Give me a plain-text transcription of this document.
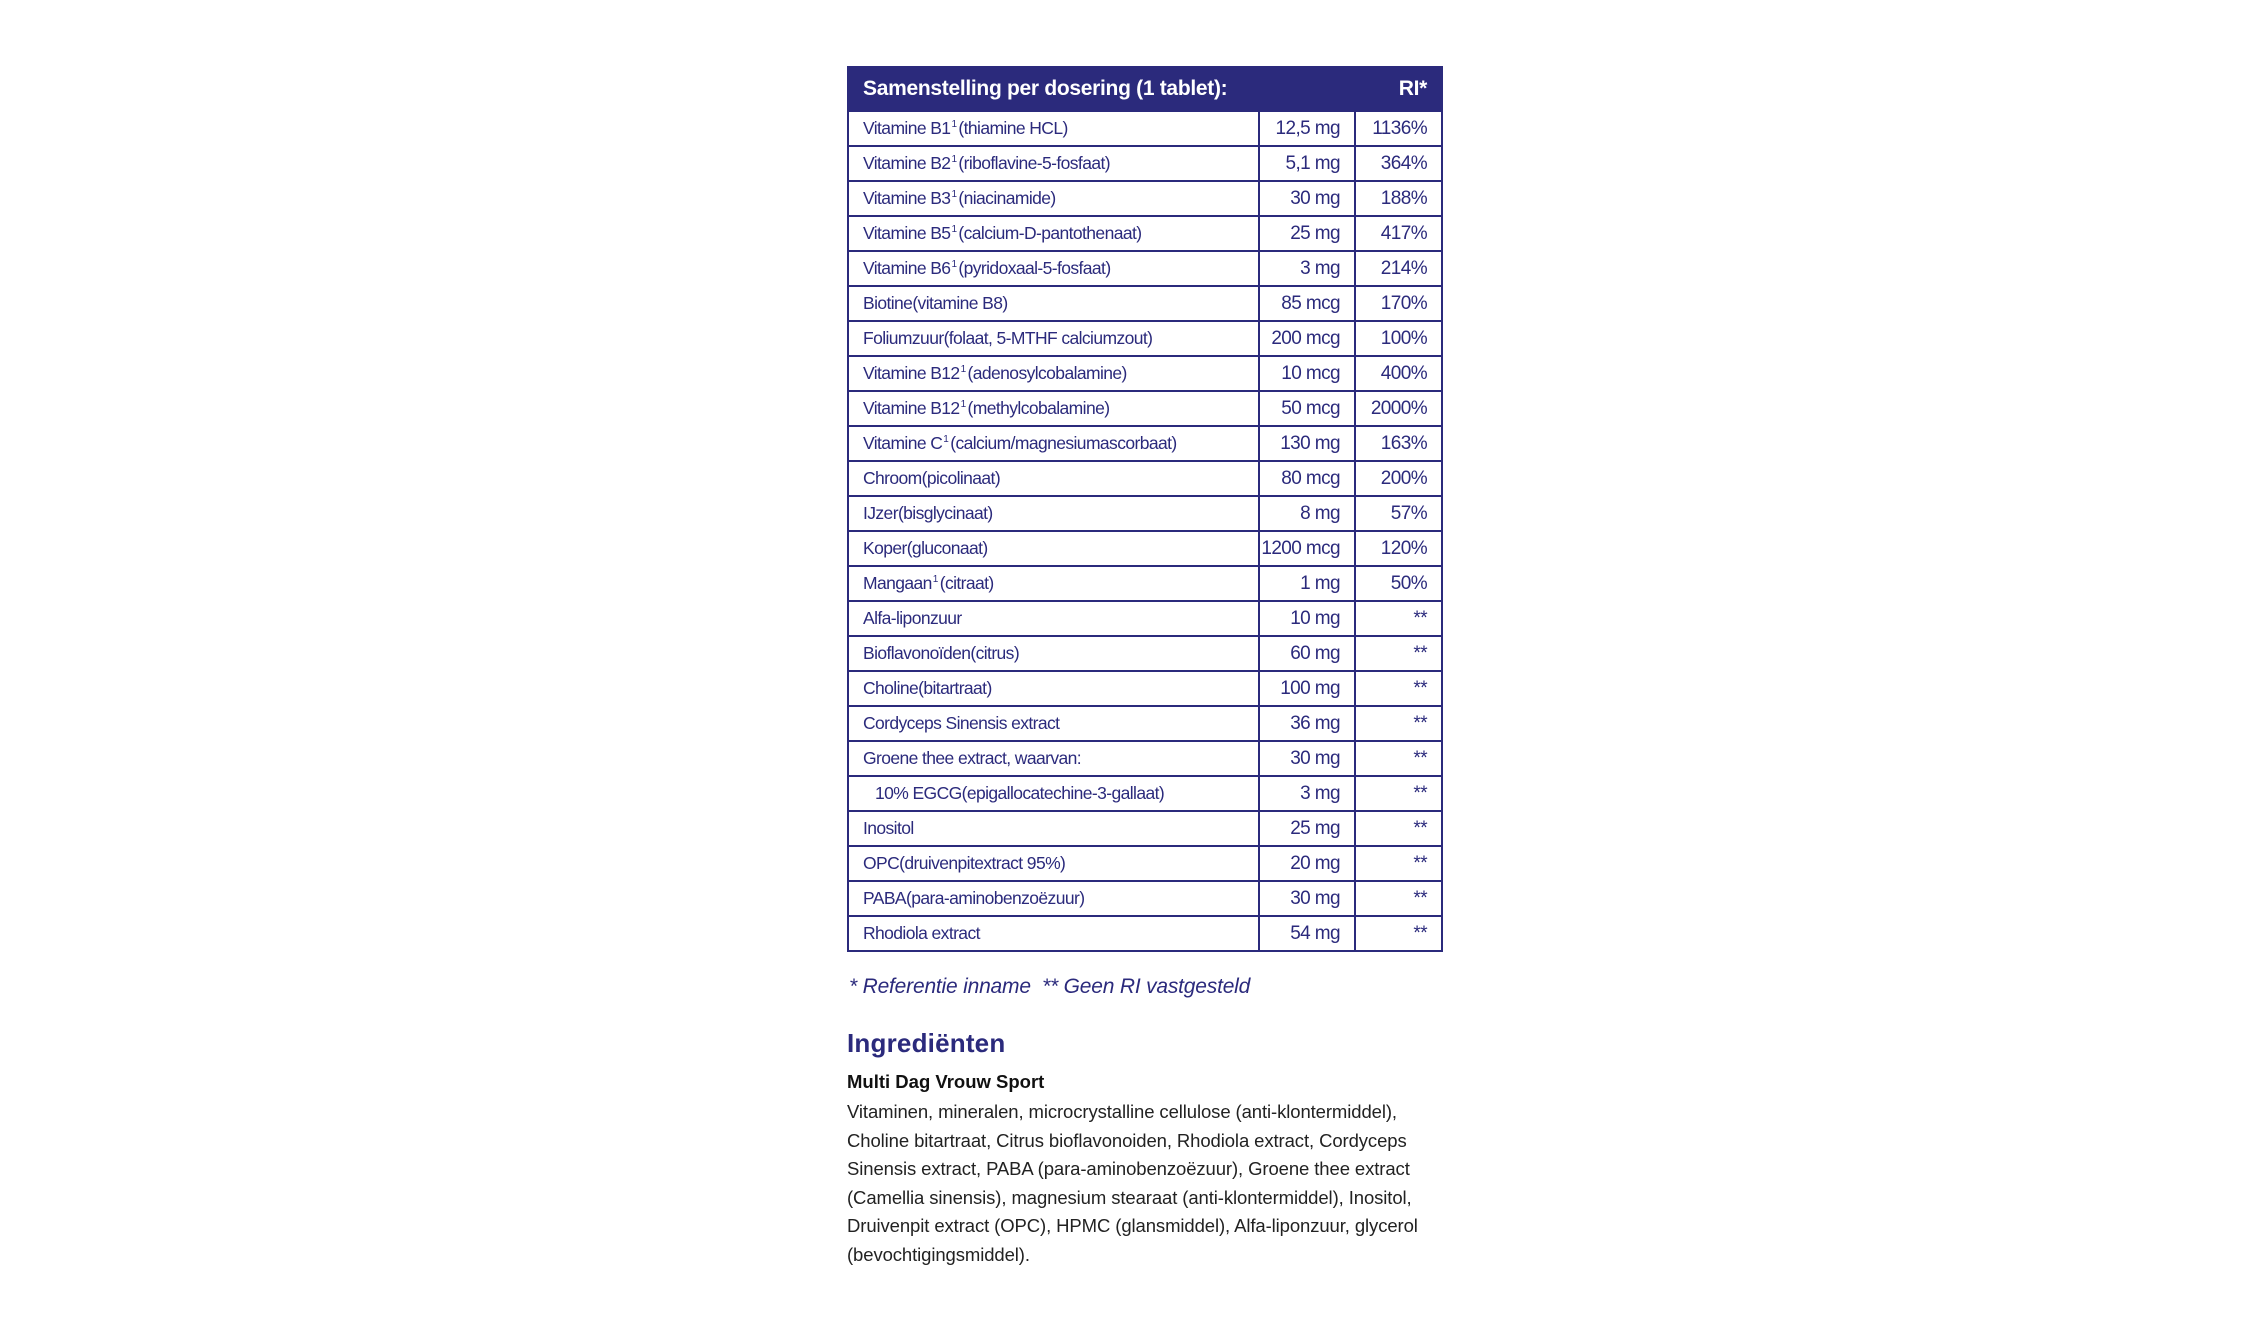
Samenstelling per dosering (1 tablet):		RI*
Vitamine B1$^1$ (thiamine HCL)	12,5 mg	1136%
Vitamine B2$^1$ (riboflavine-5-fosfaat)	5,1 mg	364%
Vitamine B3$^1$ (niacinamide)	30 mg	188%
Vitamine B5$^1$ (calcium-D-pantothenaat)	25 mg	417%
Vitamine B6$^1$ (pyridoxaal-5-fosfaat)	3 mg	214%
Biotine(vitamine B8)	85 mcg	170%
Foliumzuur(folaat, 5-MTHF calciumzout)	200 mcg	100%
Vitamine B12$^1$ (adenosylcobalamine)	10 mcg	400%
Vitamine B12$^1$ (methylcobalamine)	50 mcg	2000%
Vitamine C$^1$ (calcium/magnesiumascorbaat)	130 mg	163%
Chroom(picolinaat)	80 mcg	200%
IJzer(bisglycinaat)	8 mg	57%
Koper(gluconaat)	1200 mcg	120%
Mangaan$^1$ (citraat)	1 mg	50%
Alfa-liponzuur	10 mg	**
Bioflavonoïden(citrus)	60 mg	**
Choline(bitartraat)	100 mg	**
Cordyceps Sinensis extract	36 mg	**
Groene thee extract, waarvan:	30 mg	**
10% EGCG(epigallocatechine-3-gallaat)	3 mg	**
Inositol	25 mg	**
OPC(druivenpitextract 95%)	20 mg	**
PABA(para-aminobenzoëzuur)	30 mg	**
Rhodiola extract	54 mg	**
* Referentie inname  ** Geen RI vastgesteld
Ingrediënten
Multi Dag Vrouw Sport
Vitaminen, mineralen, microcrystalline cellulose (anti-klontermiddel), Choline bitartraat, Citrus bioflavonoiden, Rhodiola extract, Cordyceps Sinensis extract, PABA (para-aminobenzoëzuur), Groene thee extract (Camellia sinensis), magnesium stearaat (anti-klontermiddel), Inositol, Druivenpit extract (OPC), HPMC (glansmiddel), Alfa-liponzuur, glycerol (bevochtigingsmiddel).
